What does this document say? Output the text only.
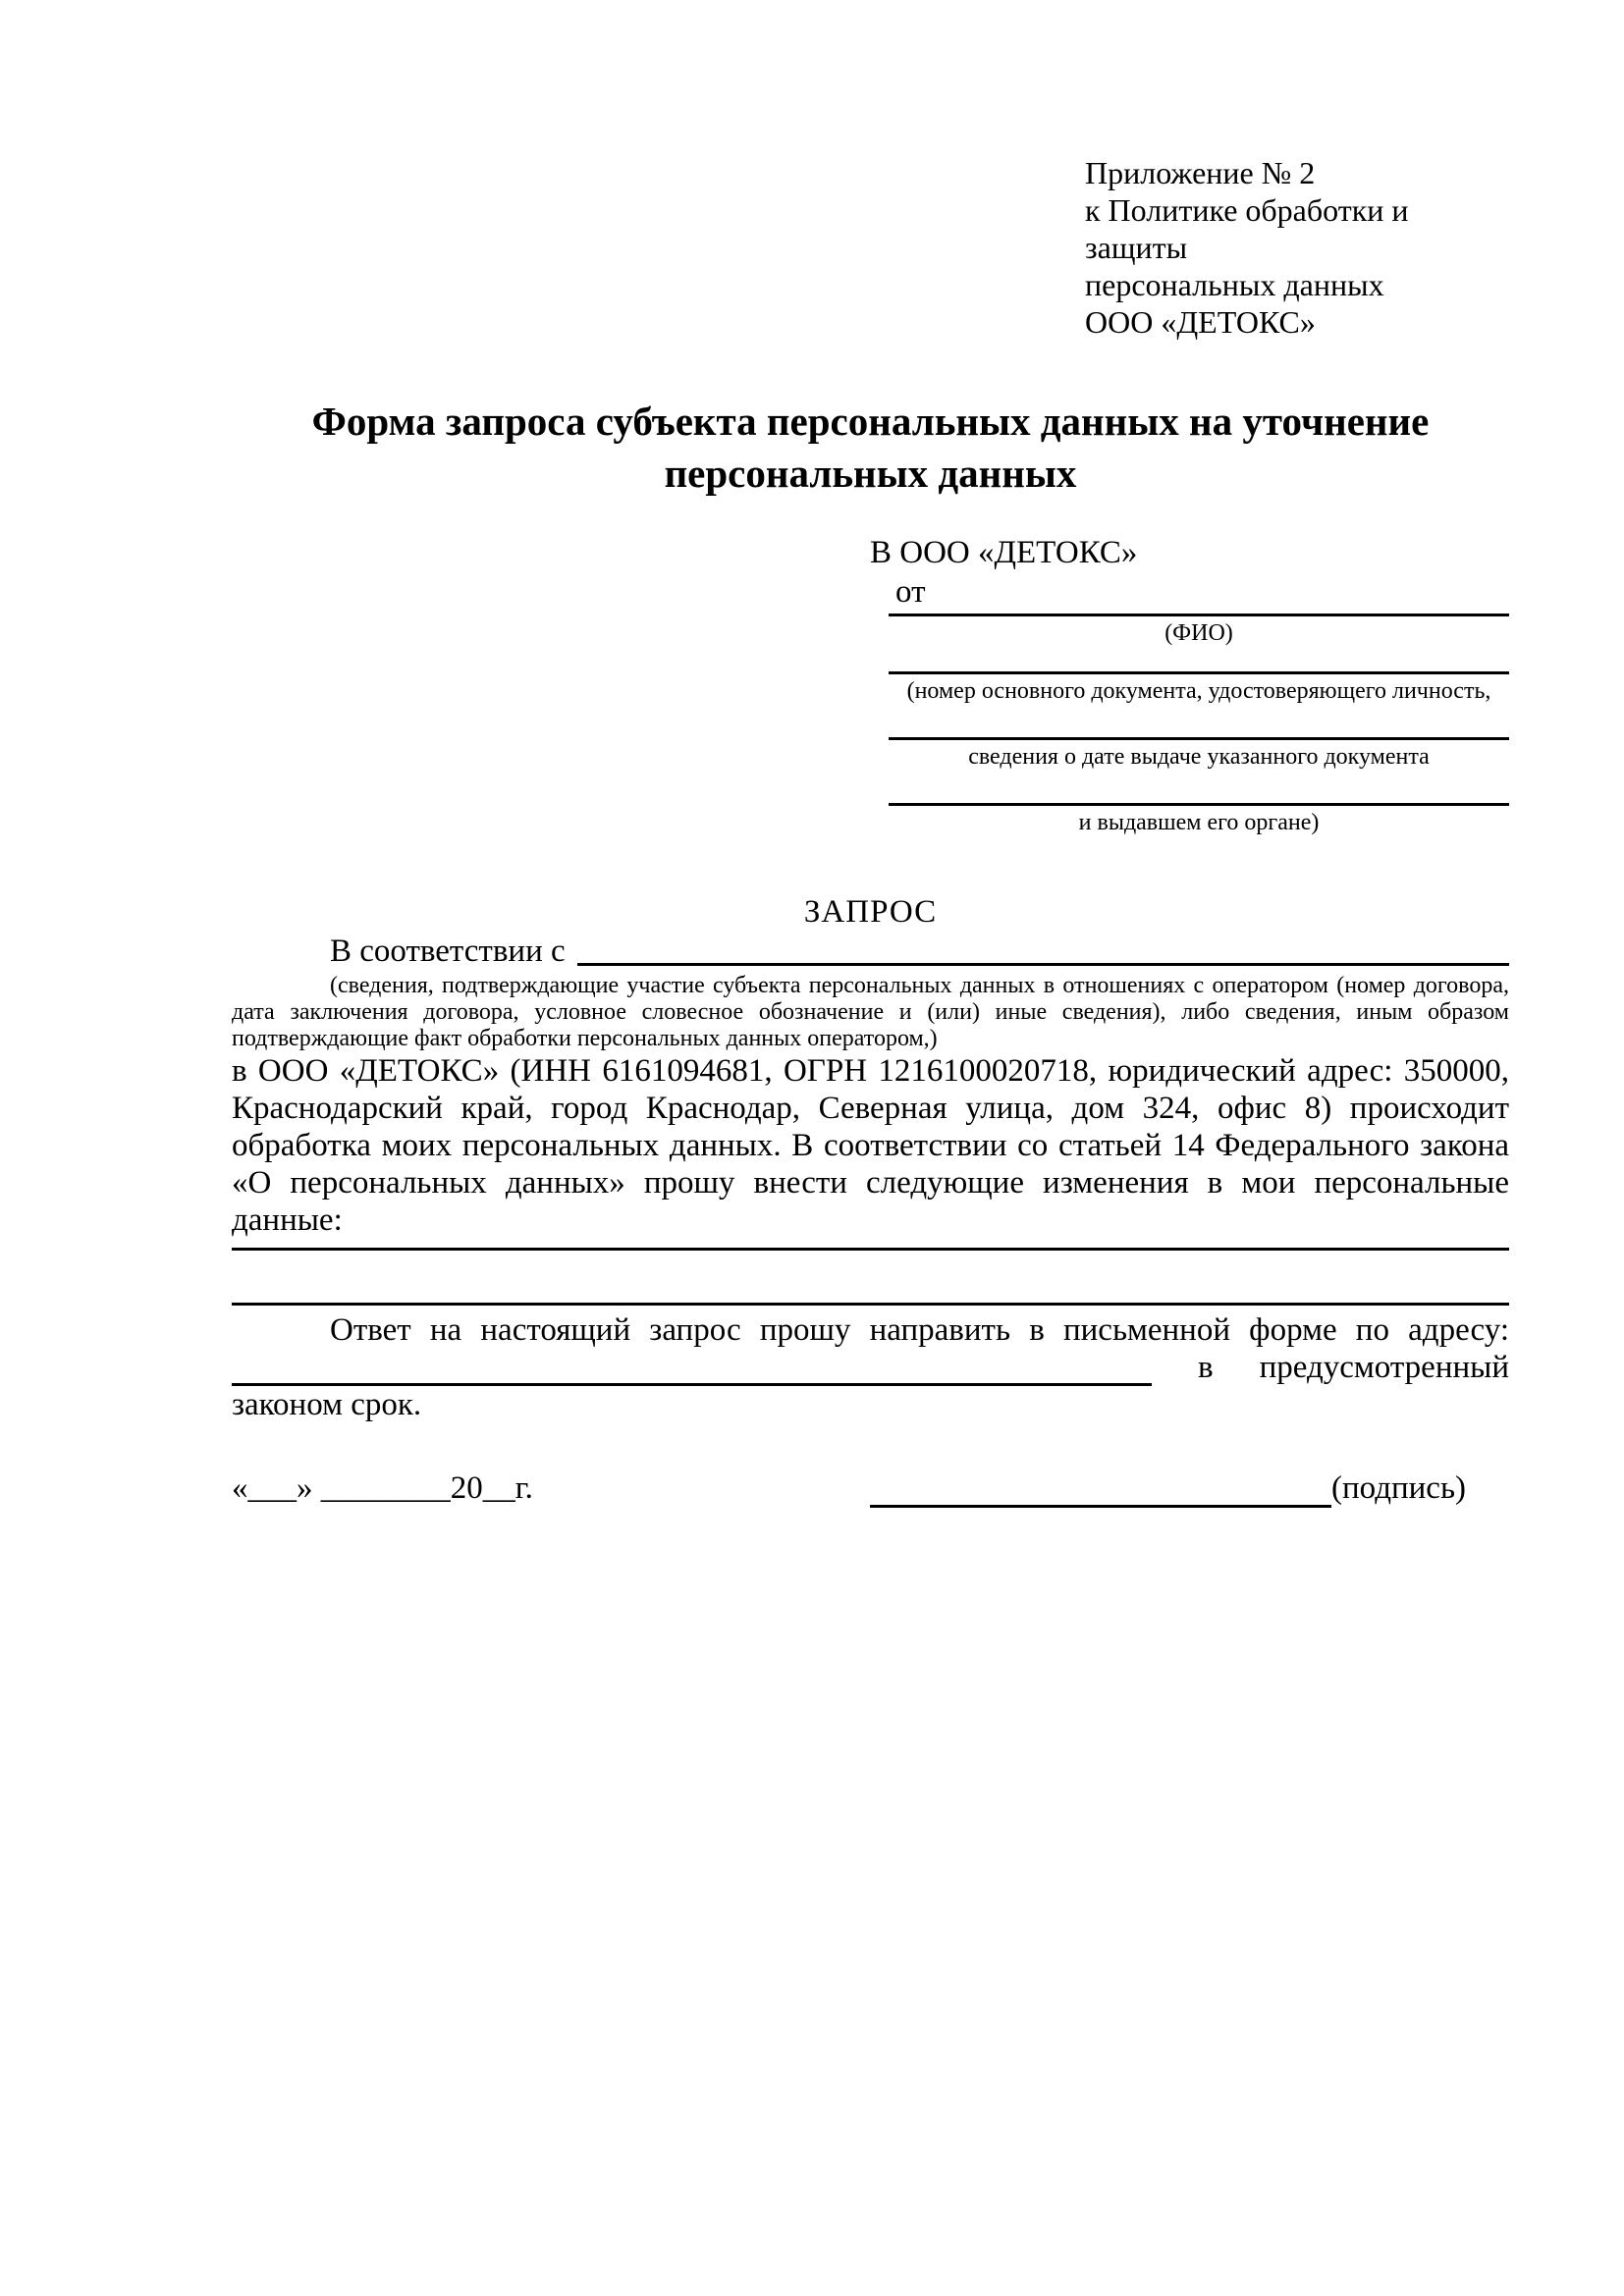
Приложение № 2
к Политике обработки и защиты
персональных данных
ООО «ДЕТОКС»
Форма запроса субъекта персональных данных на уточнение
персональных данных
В ООО «ДЕТОКС»
от
(ФИО)
(номер основного документа, удостоверяющего личность,
сведения о дате выдаче указанного документа
и выдавшем его органе)
ЗАПРОС
В соответствии с
(сведения, подтверждающие участие субъекта персональных данных в отношениях с оператором (номер договора, дата заключения договора, условное словесное обозначение и (или) иные сведения), либо сведения, иным образом подтверждающие факт обработки персональных данных оператором,)
в ООО «ДЕТОКС» (ИНН 6161094681, ОГРН 1216100020718, юридический адрес: 350000, Краснодарский край, город Краснодар, Северная улица, дом 324, офис 8) происходит обработка моих персональных данных. В соответствии со статьей 14 Федерального закона «О персональных данных» прошу внести следующие изменения в мои персональные данные:
Ответ на настоящий запрос прошу направить в письменной форме по адресу:
в предусмотренный
законом срок.
«___» ________20__г.	(подпись)
